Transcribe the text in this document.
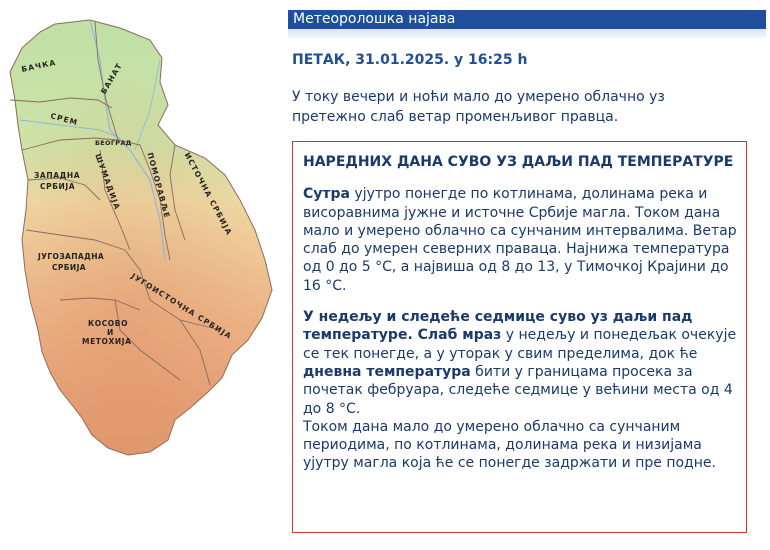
БАЧКА	БАНАТ
СРЕМ
БЕОГРАД
ЗАПАДНА
СРБИЈА ШУМАДИЈА	ПОМОРАВЉЕ ИСТОЧНА СРБИЈА
ЈУГОЗАПАДНА
СРБИЈА
ЈУГОИСТОЧНА СРБИЈА
КОСОВО
И
МЕТОХИЈА
Метеоролошка најава
ПЕТАК, 31.01.2025. у 16:25 h
У току вечери и ноћи мало до умерено облачно уз претежно слаб ветар променљивог правца.
НАРЕДНИХ ДАНА СУВО УЗ ДАЉИ ПАД ТЕМПЕРАТУРЕ
Сутра ујутро понегде по котлинама, долинама река и висоравнима јужне и источне Србије магла. Током дана мало и умерено облачно са сунчаним интервалима. Ветар слаб до умерен северних праваца. Најнижа температура од 0 до 5 °C, а највиша од 8 до 13, у Тимочкој Крајини до 16 °C.
У недељу и следеће седмице суво уз даљи пад температуре. Слаб мраз у недељу и понедељак очекује се тек понегде, а у уторак у свим пределима, док ће дневна температура бити у границама просека за почетак фебруара, следеће седмице у већини места од 4 до 8 °C.
Током дана мало до умерено облачно са сунчаним периодима, по котлинама, долинама река и низијама ујутру магла која ће се понегде задржати и пре подне.
